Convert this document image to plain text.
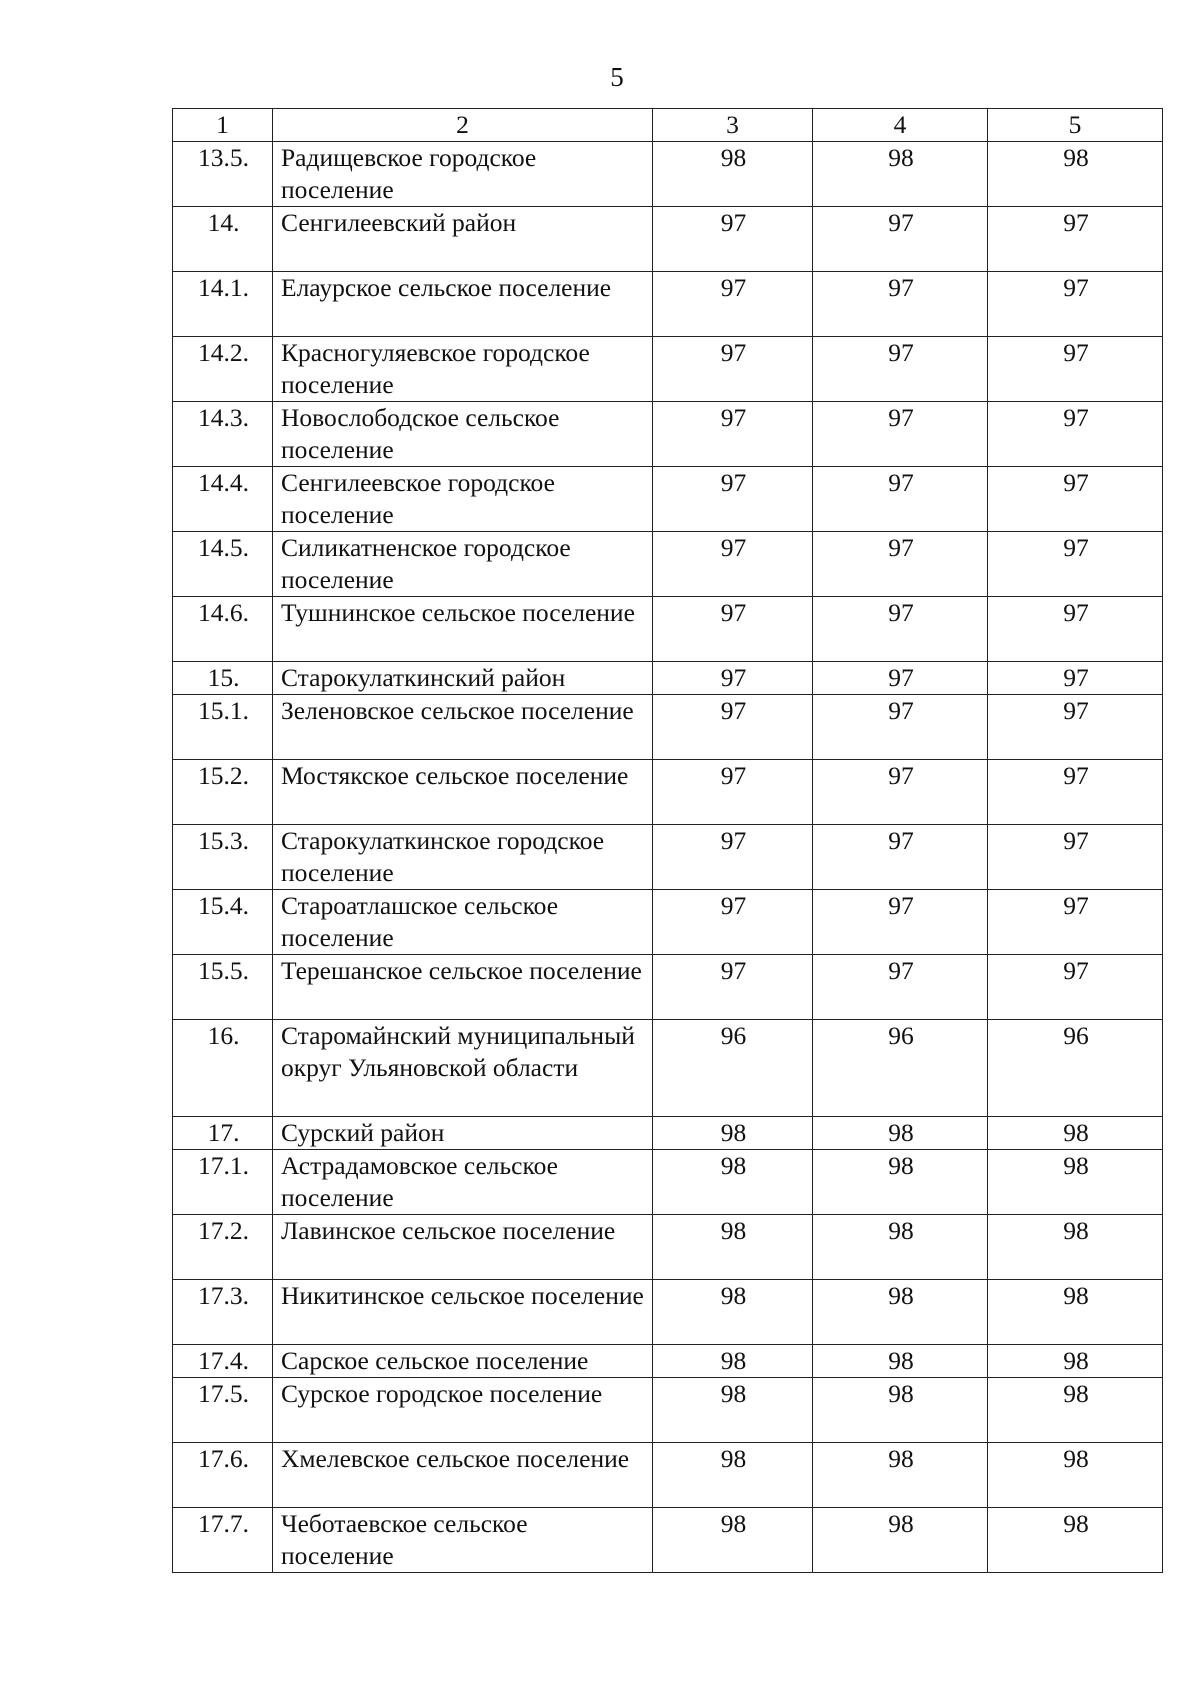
5
1	2	3	4	5
13.5.	Радищевское городское поселение	98	98	98
14.	Сенгилеевский район	97	97	97
14.1.	Елаурское сельское поселение	97	97	97
14.2.	Красногуляевское городское поселение	97	97	97
14.3.	Новослободское сельское поселение	97	97	97
14.4.	Сенгилеевское городское поселение	97	97	97
14.5.	Силикатненское городское поселение	97	97	97
14.6.	Тушнинское сельское поселение	97	97	97
15.	Старокулаткинский район	97	97	97
15.1.	Зеленовское сельское поселение	97	97	97
15.2.	Мостякское сельское поселение	97	97	97
15.3.	Старокулаткинское городское поселение	97	97	97
15.4.	Староатлашское сельское поселение	97	97	97
15.5.	Терешанское сельское поселение	97	97	97
16.	Старомайнский муниципальный округ Ульяновской области	96	96	96
17.	Сурский район	98	98	98
17.1.	Астрадамовское сельское поселение	98	98	98
17.2.	Лавинское сельское поселение	98	98	98
17.3.	Никитинское сельское поселение	98	98	98
17.4.	Сарское сельское поселение	98	98	98
17.5.	Сурское городское поселение	98	98	98
17.6.	Хмелевское сельское поселение	98	98	98
17.7.	Чеботаевское сельское поселение	98	98	98
